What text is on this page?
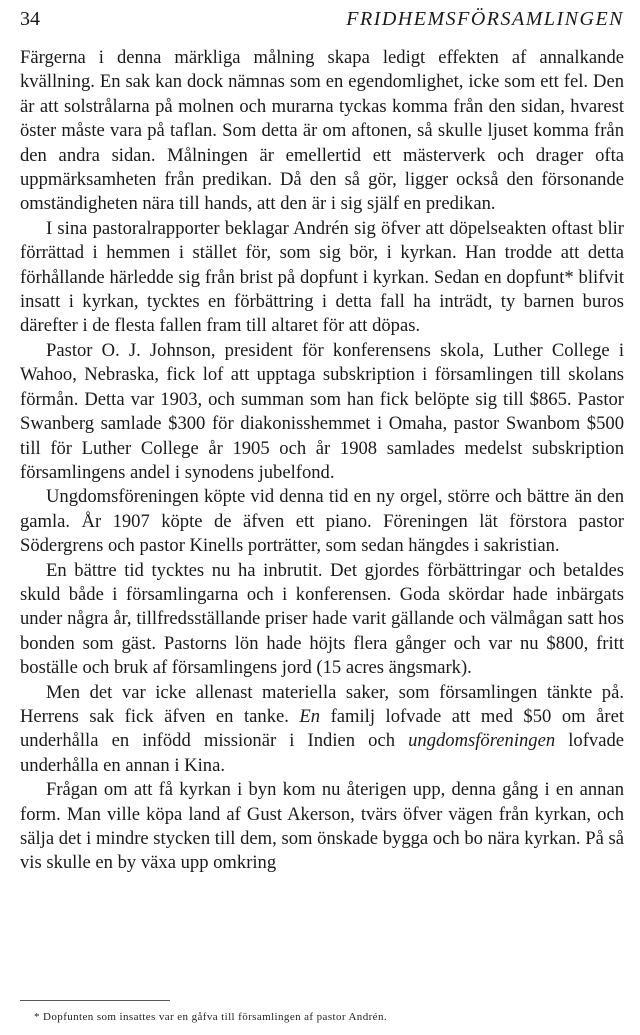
34	FRIDHEMSFÖRSAMLINGEN

Färgerna i denna märkliga målning skapa ledigt effekten af annalkande kvällning. En sak kan dock nämnas som en egendomlighet, icke som ett fel. Den är att solstrålarna på molnen och murarna tyckas komma från den sidan, hvarest öster måste vara på taflan. Som detta är om aftonen, så skulle ljuset komma från den andra sidan. Målningen är emellertid ett mästerverk och drager ofta uppmärksamheten från predikan. Då den så gör, ligger också den försonande omständigheten nära till hands, att den är i sig själf en predikan.

I sina pastoralrapporter beklagar Andrén sig öfver att döpelseakten oftast blir förrättad i hemmen i stället för, som sig bör, i kyrkan. Han trodde att detta förhållande härledde sig från brist på dopfunt i kyrkan. Sedan en dopfunt* blifvit insatt i kyrkan, tycktes en förbättring i detta fall ha inträdt, ty barnen buros därefter i de flesta fallen fram till altaret för att döpas.

Pastor O. J. Johnson, president för konferensens skola, Luther College i Wahoo, Nebraska, fick lof att upptaga subskription i församlingen till skolans förmån. Detta var 1903, och summan som han fick belöpte sig till $865. Pastor Swanberg samlade $300 för diakonisshemmet i Omaha, pastor Swanbom $500 till för Luther College år 1905 och år 1908 samlades medelst subskription församlingens andel i synodens jubelfond.

Ungdomsföreningen köpte vid denna tid en ny orgel, större och bättre än den gamla. År 1907 köpte de äfven ett piano. Föreningen lät förstora pastor Södergrens och pastor Kinells porträtter, som sedan hängdes i sakristian.

En bättre tid tycktes nu ha inbrutit. Det gjordes förbättringar och betaldes skuld både i församlingarna och i konferensen. Goda skördar hade inbärgats under några år, tillfredsställande priser hade varit gällande och välmågan satt hos bonden som gäst. Pastorns lön hade höjts flera gånger och var nu $800, fritt boställe och bruk af församlingens jord (15 acres ängsmark).

Men det var icke allenast materiella saker, som församlingen tänkte på. Herrens sak fick äfven en tanke. En familj lofvade att med $50 om året underhålla en infödd missionär i Indien och ungdomsföreningen lofvade underhålla en annan i Kina.

Frågan om att få kyrkan i byn kom nu återigen upp, denna gång i en annan form. Man ville köpa land af Gust Akerson, tvärs öfver vägen från kyrkan, och sälja det i mindre stycken till dem, som önskade bygga och bo nära kyrkan. På så vis skulle en by växa upp omkring

* Dopfunten som insattes var en gåfva till församlingen af pastor Andrén.
